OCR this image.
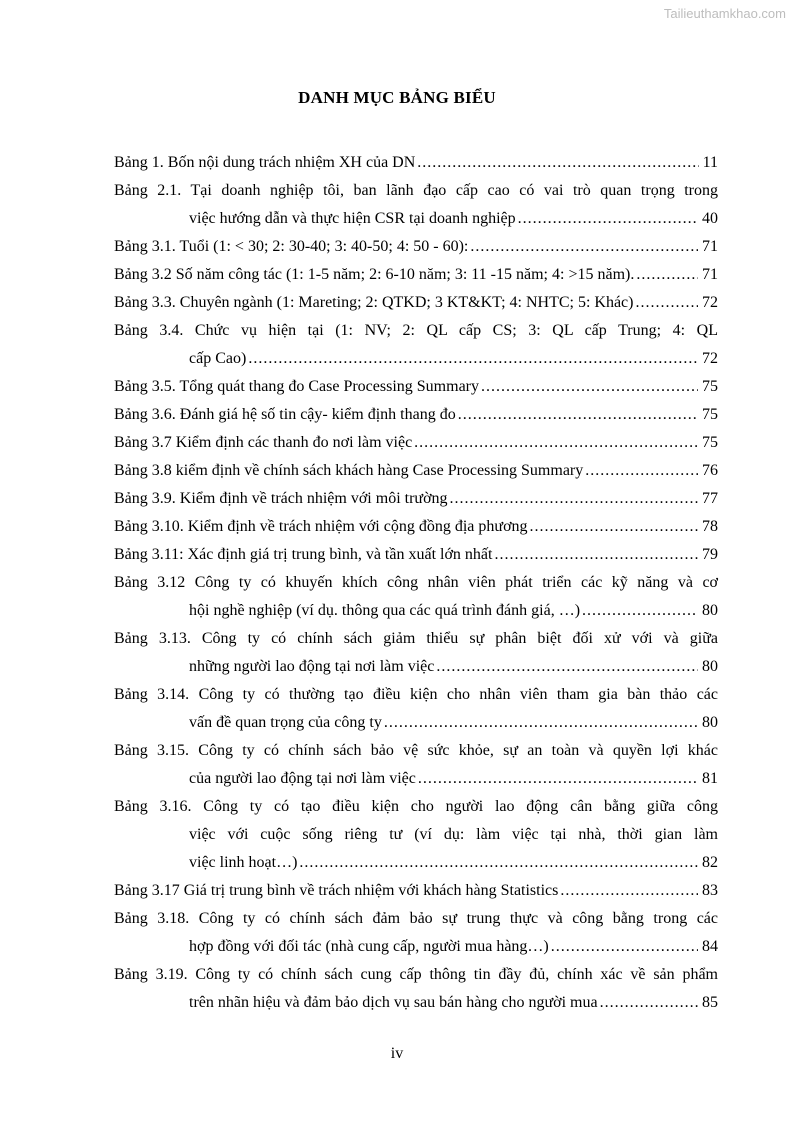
Tailieuthamkhao.com
DANH MỤC BẢNG BIỂU
Bảng 1. Bốn nội dung trách nhiệm XH của DN .....	11
Bảng 2.1. Tại doanh nghiệp tôi, ban lãnh đạo cấp cao có vai trò quan trọng trong
việc hướng dẫn và thực hiện CSR tại doanh nghiệp .....	40
Bảng 3.1. Tuổi (1: < 30; 2: 30-40; 3: 40-50; 4: 50 - 60): .....	71
Bảng 3.2 Số năm công tác (1: 1-5 năm; 2: 6-10 năm; 3: 11 -15 năm; 4: >15 năm). .....	71
Bảng 3.3. Chuyên ngành (1: Mareting; 2: QTKD; 3 KT&KT; 4: NHTC; 5: Khác) .....	72
Bảng 3.4. Chức vụ hiện tại (1: NV; 2: QL cấp CS; 3: QL cấp Trung; 4: QL
cấp Cao) .....	72
Bảng 3.5. Tổng quát thang đo Case Processing Summary .....	75
Bảng 3.6. Đánh giá hệ số tin cậy- kiểm định thang đo .....	75
Bảng 3.7 Kiểm định các thanh đo nơi làm việc .....	75
Bảng 3.8 kiểm định về chính sách khách hàng Case Processing Summary .....	76
Bảng 3.9. Kiểm định về trách nhiệm với môi trường .....	77
Bảng 3.10. Kiểm định về trách nhiệm với cộng đồng địa phương .....	78
Bảng 3.11: Xác định giá trị trung bình, và tần xuất lớn nhất .....	79
Bảng 3.12 Công ty có khuyến khích công nhân viên phát triển các kỹ năng và cơ
hội nghề nghiệp (ví dụ. thông qua các quá trình đánh giá, …) .....	80
Bảng 3.13. Công ty có chính sách giảm thiểu sự phân biệt đối xử với và giữa
những người lao động tại nơi làm việc .....	80
Bảng 3.14. Công ty có thường tạo điều kiện cho nhân viên tham gia bàn thảo các
vấn đề quan trọng của công ty .....	80
Bảng 3.15. Công ty có chính sách bảo vệ sức khỏe, sự an toàn và quyền lợi khác
của người lao động tại nơi làm việc .....	81
Bảng 3.16. Công ty có tạo điều kiện cho người lao động cân bằng giữa công
việc với cuộc sống riêng tư (ví dụ: làm việc tại nhà, thời gian làm
việc linh hoạt…) .....	82
Bảng 3.17 Giá trị trung bình về trách nhiệm với khách hàng Statistics .....	83
Bảng 3.18. Công ty có chính sách đảm bảo sự trung thực và công bằng trong các
hợp đồng với đối tác (nhà cung cấp, người mua hàng…) .....	84
Bảng 3.19. Công ty có chính sách cung cấp thông tin đầy đủ, chính xác về sản phẩm
trên nhãn hiệu và đảm bảo dịch vụ sau bán hàng cho người mua .....	85
iv
